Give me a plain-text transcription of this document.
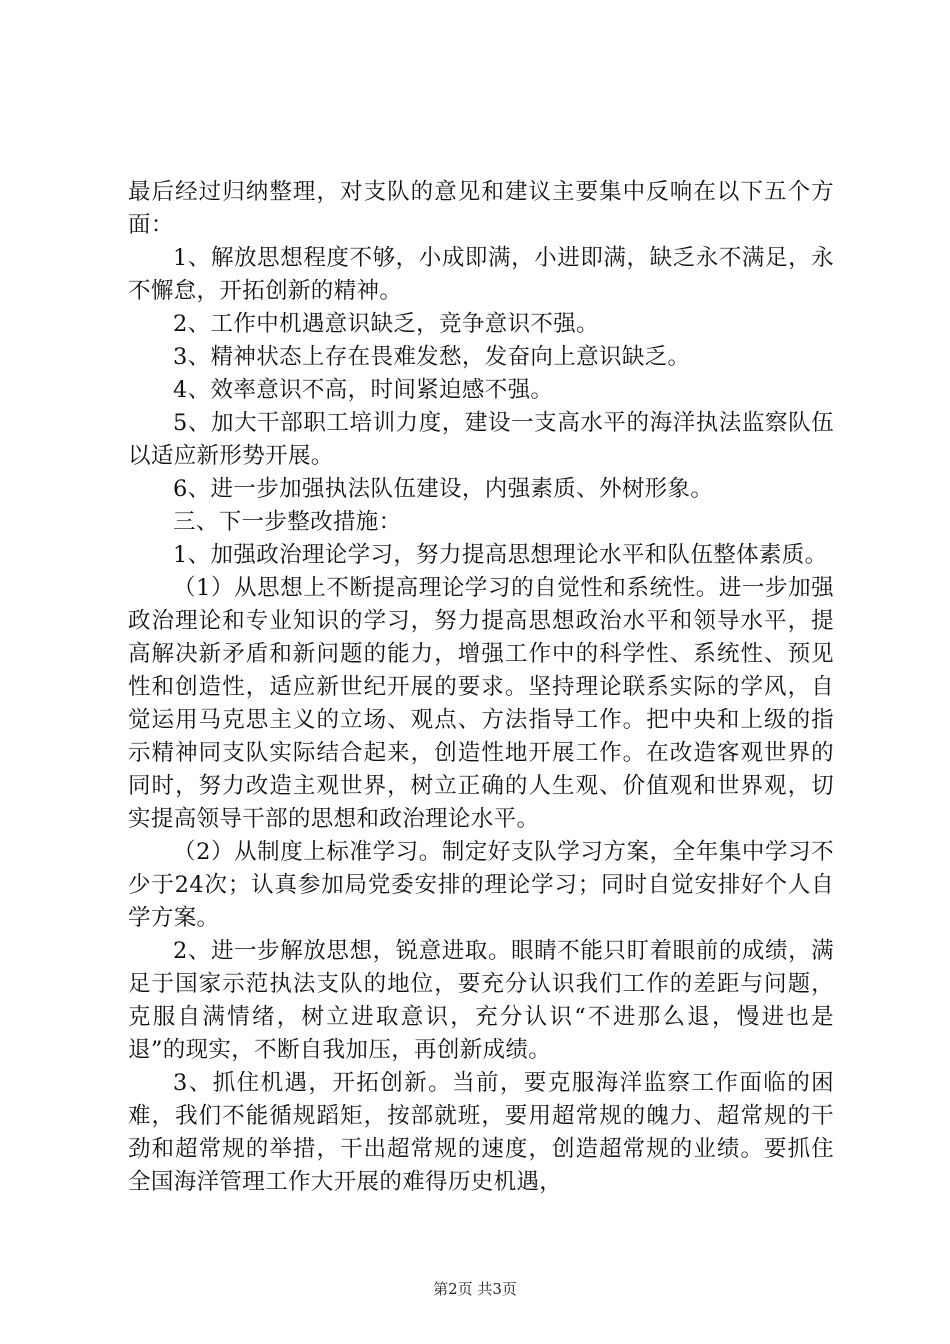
最后经过归纳整理，对支队的意见和建议主要集中反响在以下五个方面：

1、解放思想程度不够，小成即满，小进即满，缺乏永不满足，永不懈怠，开拓创新的精神。

2、工作中机遇意识缺乏，竞争意识不强。

3、精神状态上存在畏难发愁，发奋向上意识缺乏。

4、效率意识不高，时间紧迫感不强。

5、加大干部职工培训力度，建设一支高水平的海洋执法监察队伍以适应新形势开展。

6、进一步加强执法队伍建设，内强素质、外树形象。

三、下一步整改措施：

1、加强政治理论学习，努力提高思想理论水平和队伍整体素质。

（1）从思想上不断提高理论学习的自觉性和系统性。进一步加强政治理论和专业知识的学习，努力提高思想政治水平和领导水平，提高解决新矛盾和新问题的能力，增强工作中的科学性、系统性、预见性和创造性，适应新世纪开展的要求。坚持理论联系实际的学风，自觉运用马克思主义的立场、观点、方法指导工作。把中央和上级的指示精神同支队实际结合起来，创造性地开展工作。在改造客观世界的同时，努力改造主观世界，树立正确的人生观、价值观和世界观，切实提高领导干部的思想和政治理论水平。

（2）从制度上标准学习。制定好支队学习方案，全年集中学习不少于24次；认真参加局党委安排的理论学习；同时自觉安排好个人自学方案。

2、进一步解放思想，锐意进取。眼睛不能只盯着眼前的成绩，满足于国家示范执法支队的地位，要充分认识我们工作的差距与问题，克服自满情绪，树立进取意识，充分认识“不进那么退，慢进也是退”的现实，不断自我加压，再创新成绩。

3、抓住机遇，开拓创新。当前，要克服海洋监察工作面临的困难，我们不能循规蹈矩，按部就班，要用超常规的魄力、超常规的干劲和超常规的举措，干出超常规的速度，创造超常规的业绩。要抓住全国海洋管理工作大开展的难得历史机遇，

第2页 共3页
